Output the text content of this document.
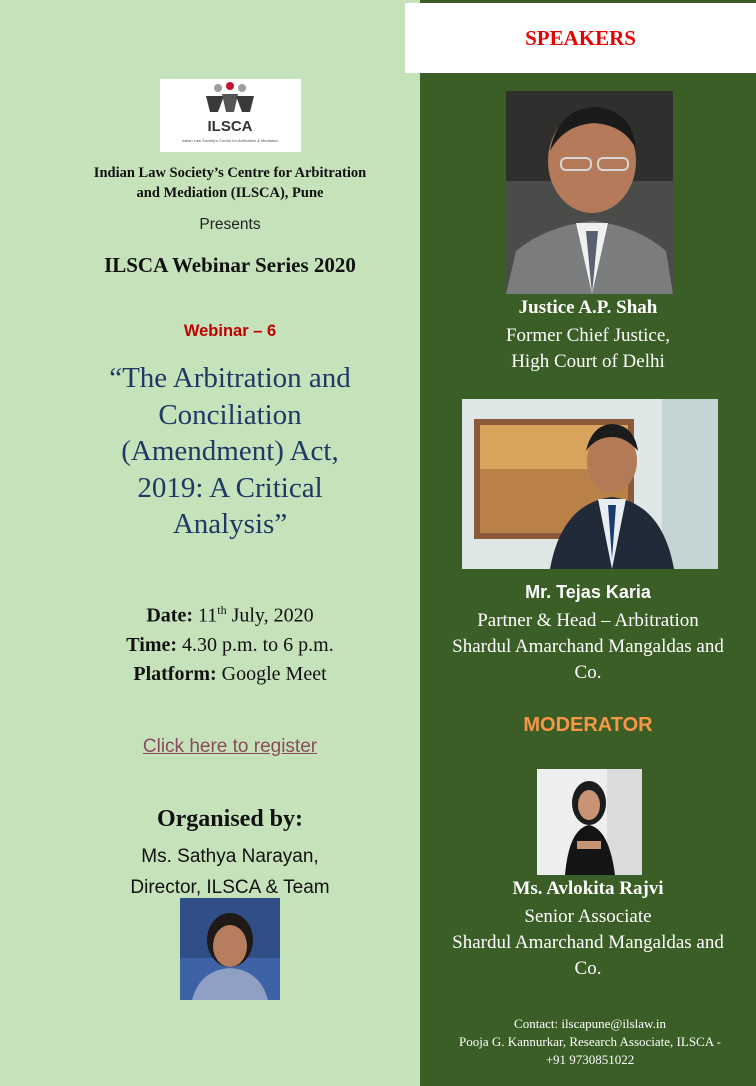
SPEAKERS
ILSCA
Indian Law Society's Centre for Arbitration & Mediation
Indian Law Society’s Centre for Arbitration
and Mediation (ILSCA), Pune
Presents
ILSCA Webinar Series 2020
Webinar – 6
“The Arbitration and
Conciliation
(Amendment) Act,
2019: A Critical
Analysis”
Date: 11th July, 2020
Time: 4.30 p.m. to 6 p.m.
Platform: Google Meet
Click here to register
Organised by:
Ms. Sathya Narayan,
Director, ILSCA & Team
Justice A.P. Shah
Former Chief Justice,
High Court of Delhi
Mr. Tejas Karia
Partner & Head – Arbitration
Shardul Amarchand Mangaldas and
Co.
MODERATOR
Ms. Avlokita Rajvi
Senior Associate
Shardul Amarchand Mangaldas and
Co.
Contact: ilscapune@ilslaw.in
Pooja G. Kannurkar, Research Associate, ILSCA -
+91 9730851022
